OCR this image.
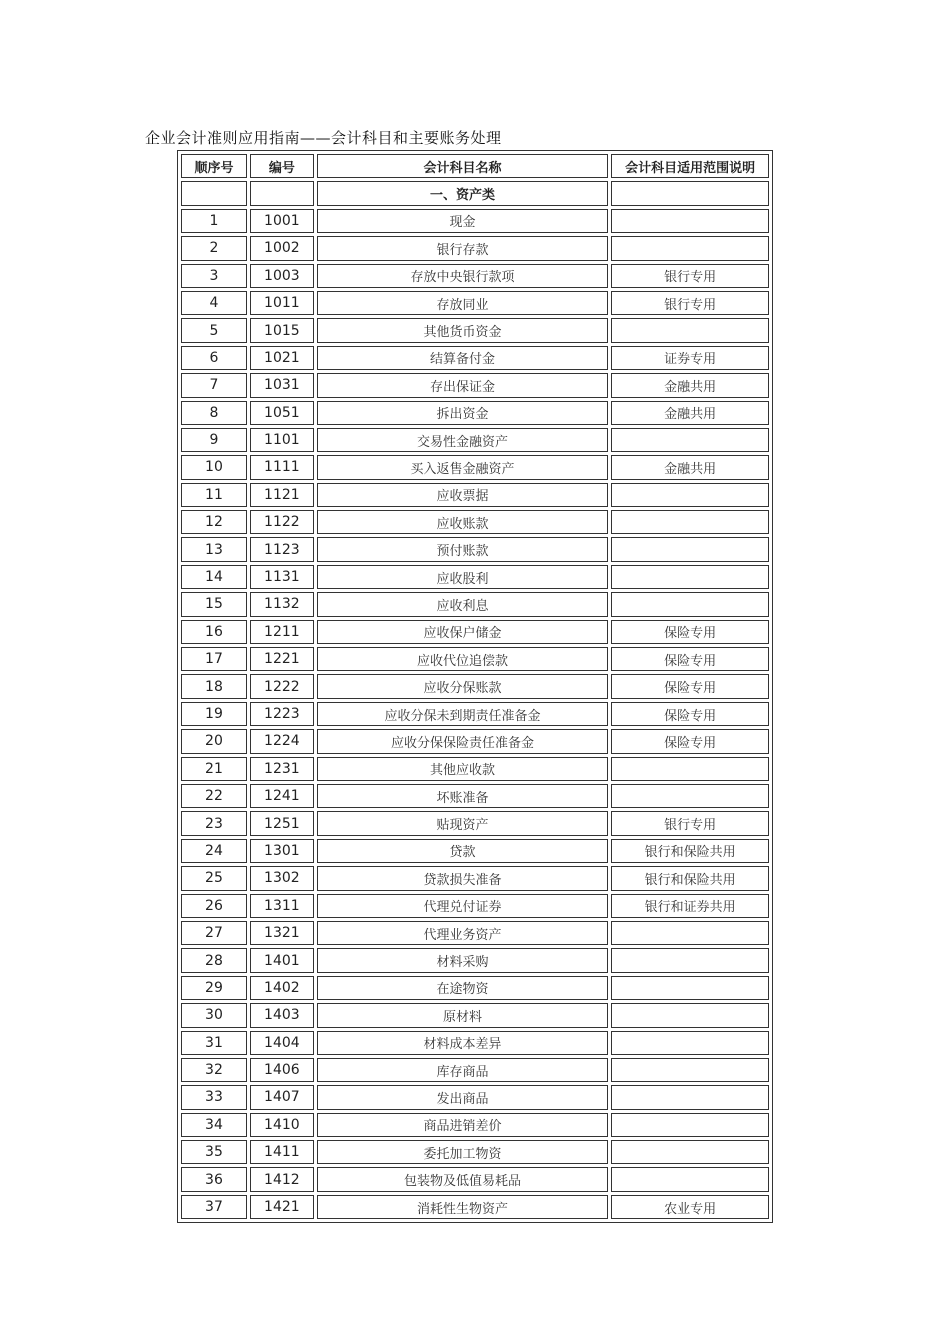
企业会计准则应用指南——会计科目和主要账务处理
顺序号	编号	会计科目名称	会计科目适用范围说明
		一、资产类	
1	1001	现金	
2	1002	银行存款	
3	1003	存放中央银行款项	银行专用
4	1011	存放同业	银行专用
5	1015	其他货币资金	
6	1021	结算备付金	证券专用
7	1031	存出保证金	金融共用
8	1051	拆出资金	金融共用
9	1101	交易性金融资产	
10	1111	买入返售金融资产	金融共用
11	1121	应收票据	
12	1122	应收账款	
13	1123	预付账款	
14	1131	应收股利	
15	1132	应收利息	
16	1211	应收保户储金	保险专用
17	1221	应收代位追偿款	保险专用
18	1222	应收分保账款	保险专用
19	1223	应收分保未到期责任准备金	保险专用
20	1224	应收分保保险责任准备金	保险专用
21	1231	其他应收款	
22	1241	坏账准备	
23	1251	贴现资产	银行专用
24	1301	贷款	银行和保险共用
25	1302	贷款损失准备	银行和保险共用
26	1311	代理兑付证券	银行和证券共用
27	1321	代理业务资产	
28	1401	材料采购	
29	1402	在途物资	
30	1403	原材料	
31	1404	材料成本差异	
32	1406	库存商品	
33	1407	发出商品	
34	1410	商品进销差价	
35	1411	委托加工物资	
36	1412	包装物及低值易耗品	
37	1421	消耗性生物资产	农业专用
